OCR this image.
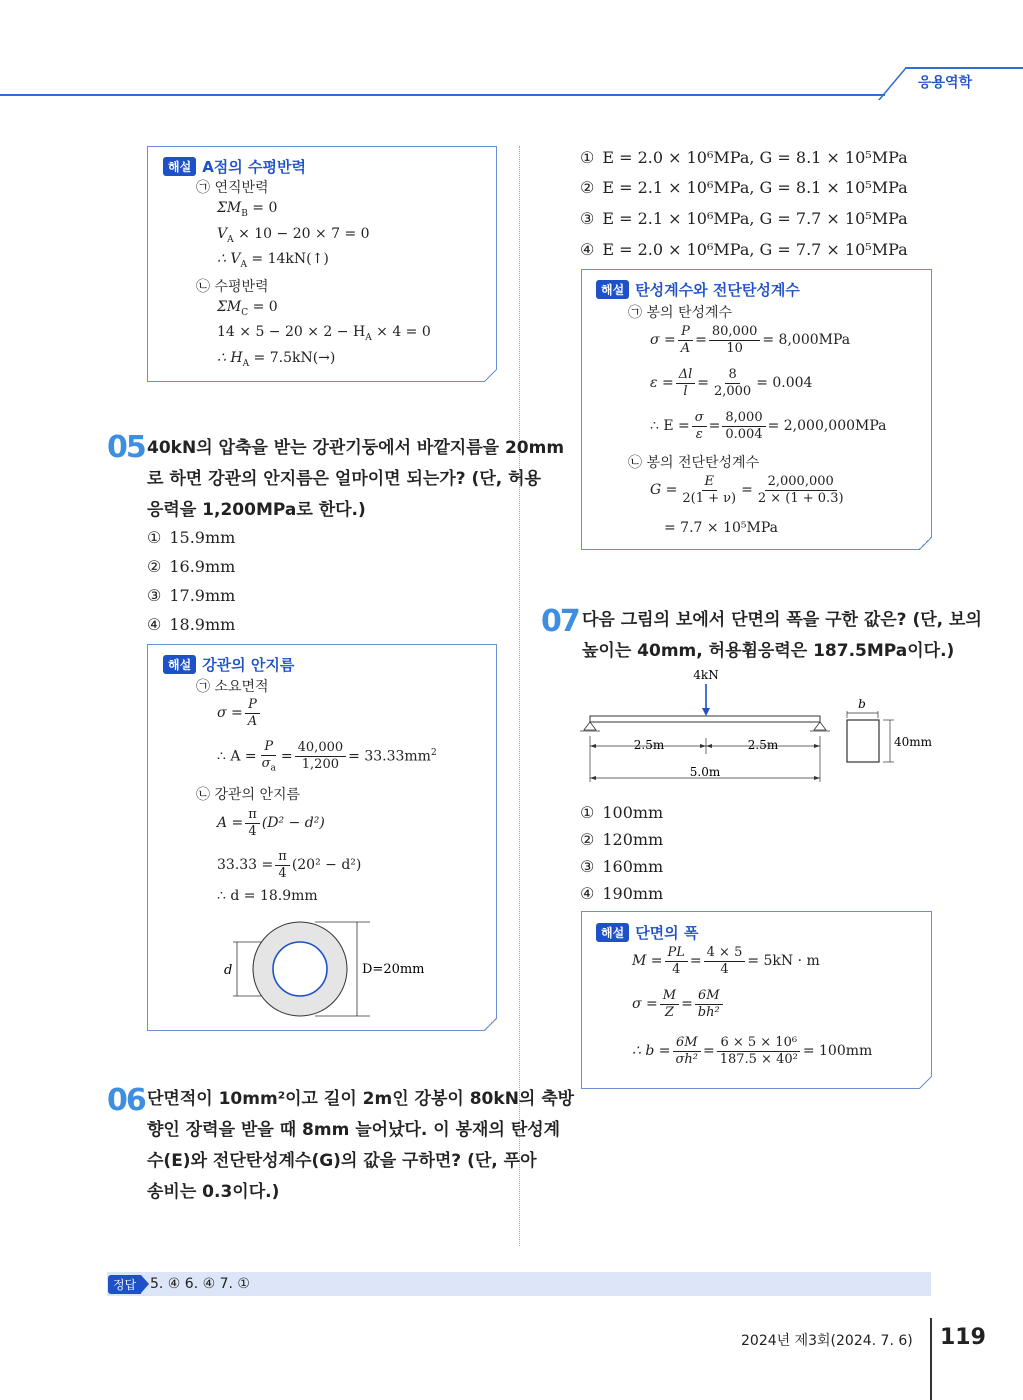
응용역학
해설 A점의 수평반력
㉠ 연직반력
$\Sigma M_B = 0$
$V_A \times 10 - 20 \times 7 = 0$
∴ $V_A$ = 14kN(↑)
㉡ 수평반력
$\Sigma M_C = 0$
$14 \times 5 - 20 \times 2 - H_A \times 4 = 0$
∴ $H_A = 7.5kN(\to)$
05 40kN의 압축을 받는 강관기둥에서 바깥지름을 20mm
로 하면 강관의 안지름은 얼마이면 되는가? (단, 허용
응력을 1,200MPa로 한다.)
① 15.9mm
② 16.9mm
③ 17.9mm
④ 18.9mm
해설 강관의 안지름
㉠ 소요면적
$\sigma = \frac{P}{A}$
∴ $A = \frac{P}{\sigma_a} = \frac{40,000}{1,200} = 33.33mm^2$
㉡ 강관의 안지름
$A = \frac{\pi}{4} (D^2 - d^2)$
$33.33 = \frac{\pi}{4} (20^2 - d^2)$
∴ d = 18.9mm
d	D=20mm
06 단면적이 10mm²이고 길이 2m인 강봉이 80kN의 축방
향인 장력을 받을 때 8mm 늘어났다. 이 봉재의 탄성계
수(E)와 전단탄성계수(G)의 값을 구하면? (단, 푸아
송비는 0.3이다.)
① E = 2.0 × 10⁶MPa, G = 8.1 × 10⁵MPa
② E = 2.1 × 10⁶MPa, G = 8.1 × 10⁵MPa
③ E = 2.1 × 10⁶MPa, G = 7.7 × 10⁵MPa
④ E = 2.0 × 10⁶MPa, G = 7.7 × 10⁵MPa
해설 탄성계수와 전단탄성계수
㉠ 봉의 탄성계수
$\sigma = \frac{P}{A} = \frac{80,000}{10} = 8,000MPa$
$\varepsilon = \frac{\Delta l}{l} = \frac{8}{2,000} = 0.004$
∴ $E = \frac{\sigma}{\varepsilon} = \frac{8,000}{0.004} = 2,000,000MPa$
㉡ 봉의 전단탄성계수
$G = \frac{E}{2(1 + \nu)} = \frac{2,000,000}{2 \times (1 + 0.3)}$
= 7.7 × 10⁵MPa
07 다음 그림의 보에서 단면의 폭을 구한 값은? (단, 보의
높이는 40mm, 허용휨응력은 187.5MPa이다.)
4kN
2.5m	2.5m
5.0m
b
40mm
① 100mm
② 120mm
③ 160mm
④ 190mm
해설 단면의 폭
$M = \frac{PL}{4} = \frac{4 \times 5}{4} = 5kN \cdot m$
$\sigma = \frac{M}{Z} = \frac{6M}{\text{bh²}}$
∴ $b = \frac{6M}{\text{σh²}} = \frac{\text{6 × 5 × 10⁶}}{\text{187.5 × 40²}} = 100mm$
정답 5. ④ 6. ④ 7. ①
2024년 제3회(2024. 7. 6) 119
